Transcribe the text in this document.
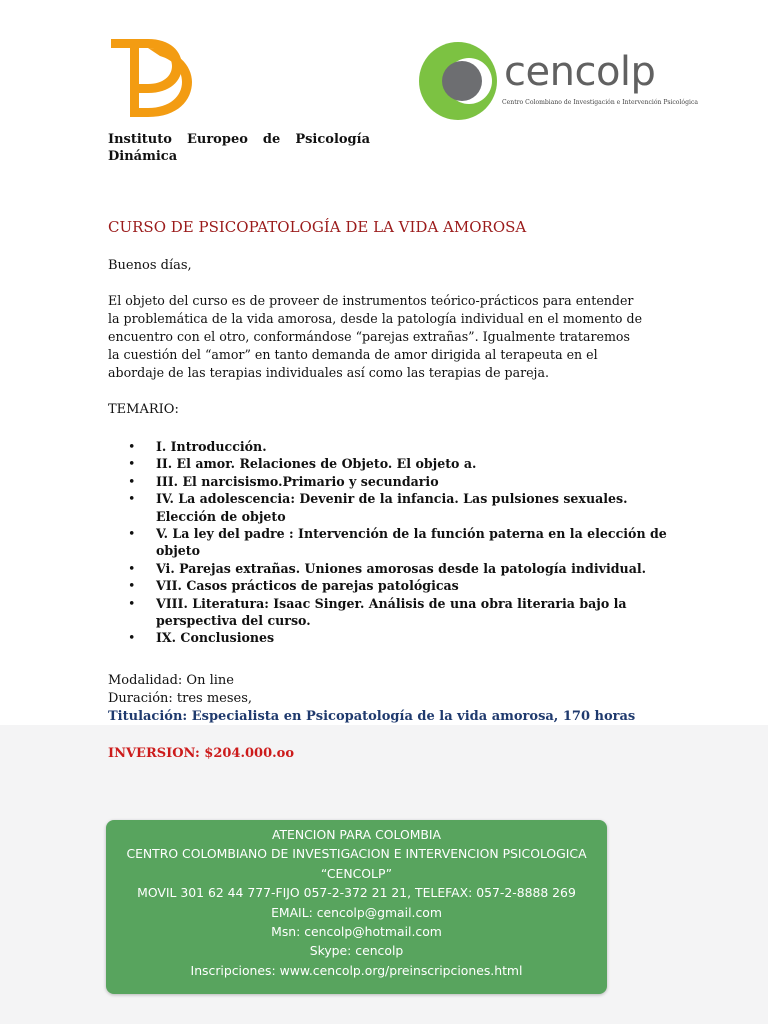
cencolp
Centro Colombiano de Investigación e Intervención Psicológica
Instituto Europeo de Psicología
Dinámica
CURSO DE PSICOPATOLOGÍA DE LA VIDA AMOROSA
Buenos días,
El objeto del curso es de proveer de instrumentos teórico-prácticos para entender
la problemática de la vida amorosa, desde la patología individual en el momento de
encuentro con el otro, conformándose “parejas extrañas”. Igualmente trataremos
la cuestión del “amor” en tanto demanda de amor dirigida al terapeuta en el
abordaje de las terapias individuales así como las terapias de pareja.
TEMARIO:
• I. Introducción.
• II. El amor. Relaciones de Objeto. El objeto a.
• III. El narcisismo.Primario y secundario
• IV. La adolescencia: Devenir de la infancia. Las pulsiones sexuales. Elección de objeto
• V. La ley del padre : Intervención de la función paterna en la elección de objeto
• Vi. Parejas extrañas. Uniones amorosas desde la patología individual.
• VII. Casos prácticos de parejas patológicas
• VIII. Literatura: Isaac Singer. Análisis de una obra literaria bajo la perspectiva del curso.
• IX. Conclusiones
Modalidad: On line
Duración: tres meses,
Titulación: Especialista en Psicopatología de la vida amorosa, 170 horas
INVERSION: $204.000.oo
ATENCION PARA COLOMBIA
CENTRO COLOMBIANO DE INVESTIGACION E INTERVENCION PSICOLOGICA
“CENCOLP”
MOVIL 301 62 44 777-FIJO 057-2-372 21 21, TELEFAX: 057-2-8888 269
EMAIL: cencolp@gmail.com
Msn: cencolp@hotmail.com
Skype: cencolp
Inscripciones: www.cencolp.org/preinscripciones.html
